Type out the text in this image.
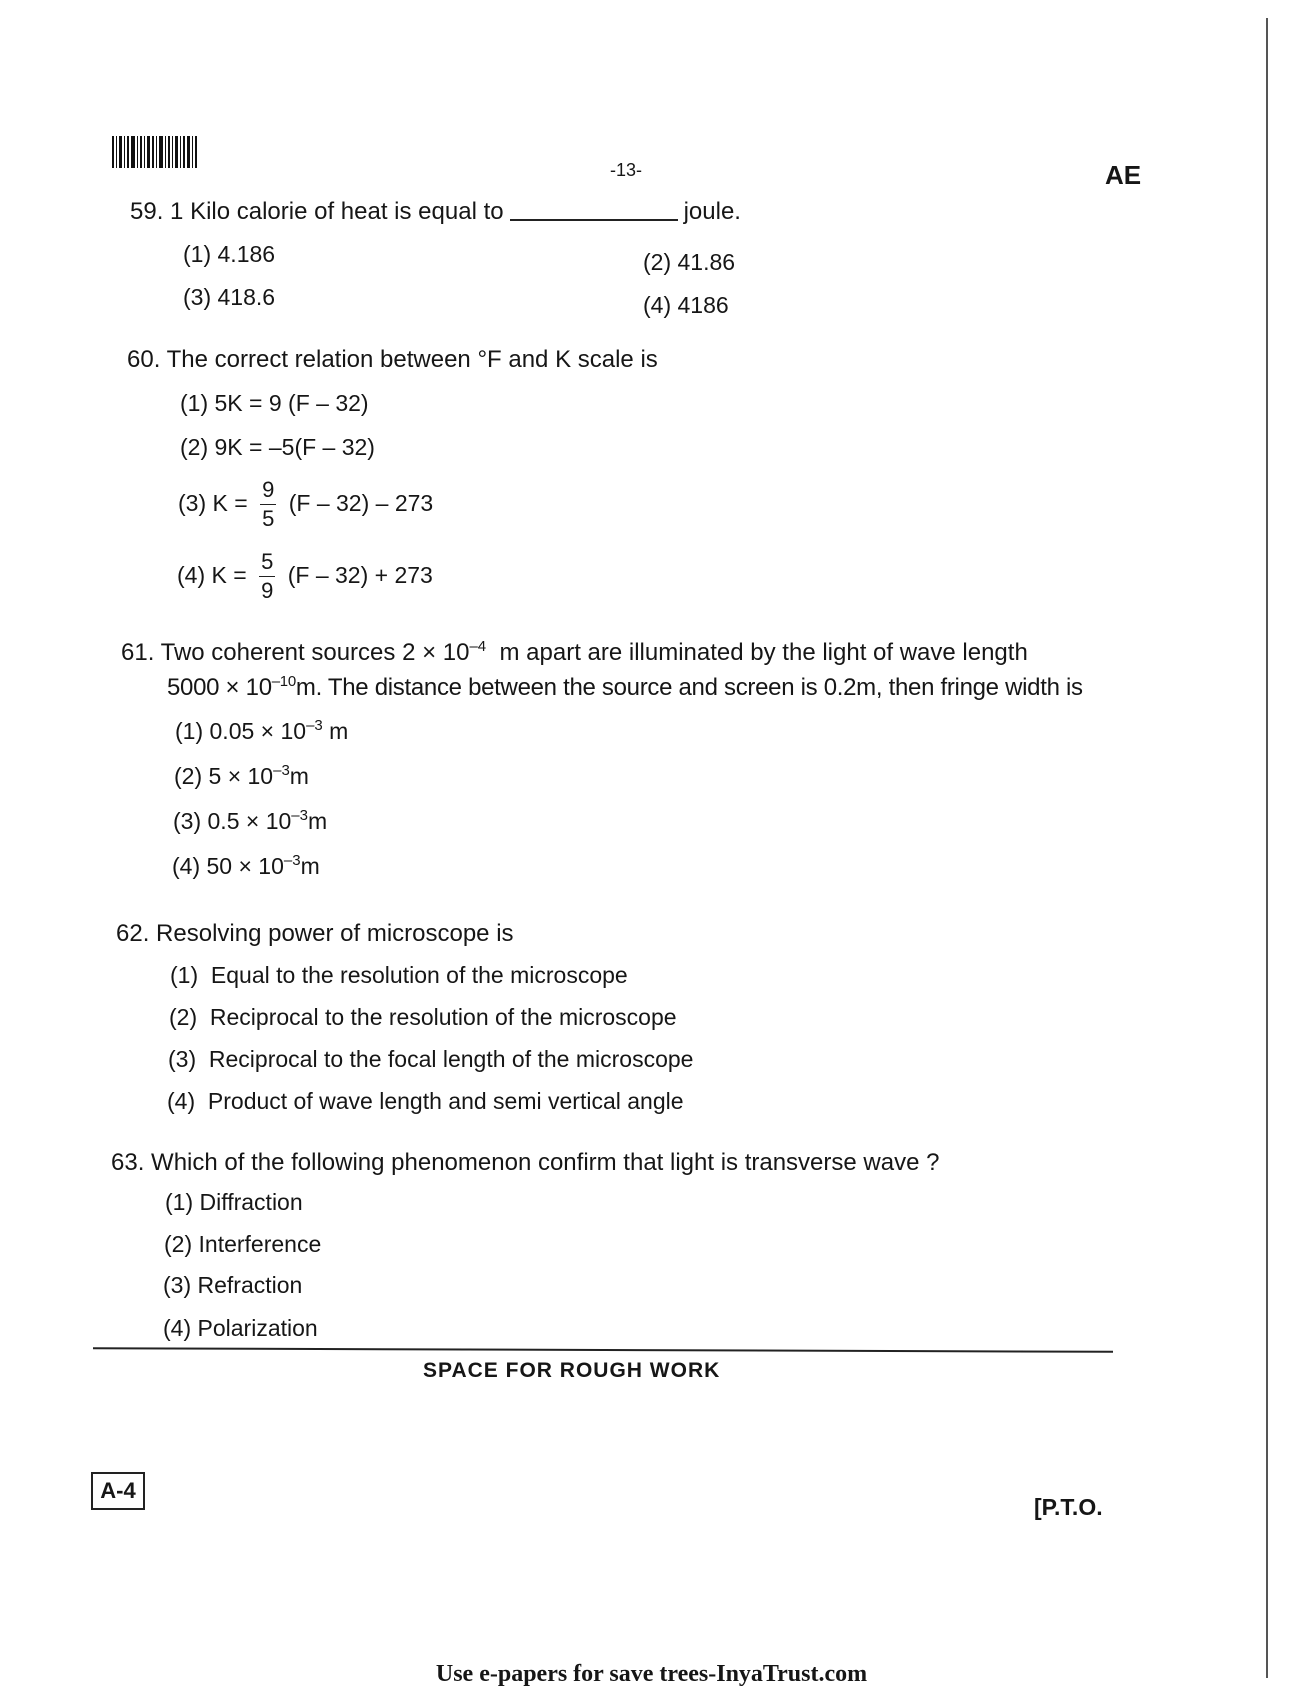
-13-	AE
59. 1 Kilo calorie of heat is equal to	joule.
(1) 4.186	(2) 41.86
(3) 418.6	(4) 4186
60. The correct relation between °F and K scale is
(1) 5K = 9 (F – 32)
(2) 9K = –5(F – 32)
(3) $K = \frac{9}{5} (F - 32) - 273$
(4) $K = \frac{5}{9} (F - 32) + 273$
61. Two coherent sources $2 \times 10^{-4}$ m apart are illuminated by the light of wave length
$5000 \times 10^{-10}m$. The distance between the source and screen is 0.2m, then fringe width is
(1) $0.05 \times 10^{-3}$ m
(2) $5 \times 10^{-3}m$
(3) $0.5 \times 10^{-3}m$
(4) $50 \times 10^{-3}m$
62. Resolving power of microscope is
(1) Equal to the resolution of the microscope
(2) Reciprocal to the resolution of the microscope
(3) Reciprocal to the focal length of the microscope
(4) Product of wave length and semi vertical angle
63. Which of the following phenomenon confirm that light is transverse wave ?
(1) Diffraction
(2) Interference
(3) Refraction
(4) Polarization
SPACE FOR ROUGH WORK
A-4
[P.T.O.
Use e-papers for save trees-InyaTrust.com
